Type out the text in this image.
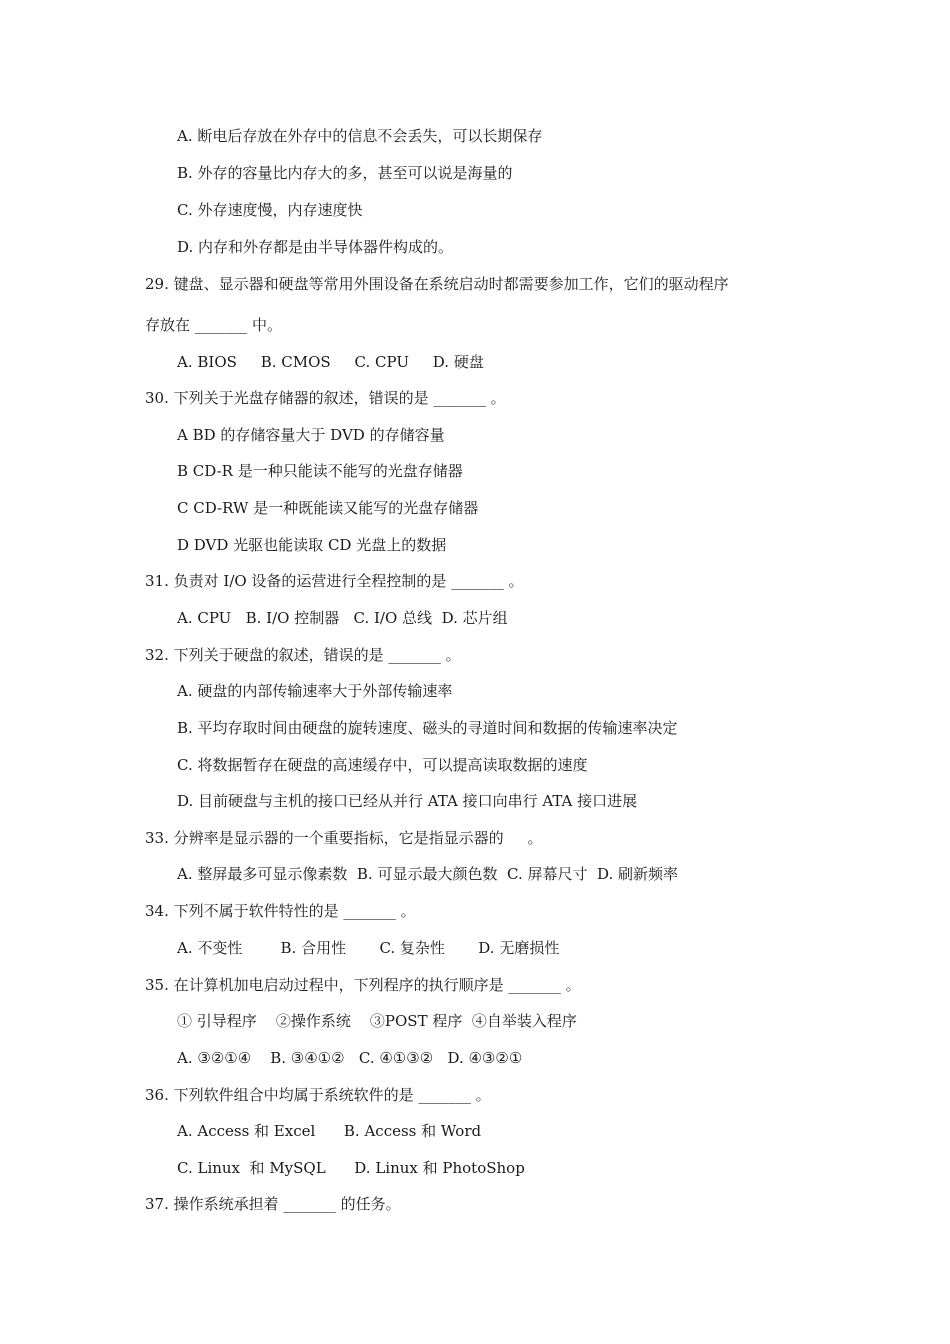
A. 断电后存放在外存中的信息不会丢失，可以长期保存
B. 外存的容量比内存大的多，甚至可以说是海量的
C. 外存速度慢，内存速度快
D. 内存和外存都是由半导体器件构成的。
29. 键盘、显示器和硬盘等常用外围设备在系统启动时都需要参加工作，它们的驱动程序
存放在 _______ 中。
A. BIOS     B. CMOS     C. CPU     D. 硬盘
30. 下列关于光盘存储器的叙述，错误的是 _______ 。
A BD 的存储容量大于 DVD 的存储容量
B CD-R 是一种只能读不能写的光盘存储器
C CD-RW 是一种既能读又能写的光盘存储器
D DVD 光驱也能读取 CD 光盘上的数据
31. 负责对 I/O 设备的运营进行全程控制的是 _______ 。
A. CPU   B. I/O 控制器   C. I/O 总线  D. 芯片组
32. 下列关于硬盘的叙述，错误的是 _______ 。
A. 硬盘的内部传输速率大于外部传输速率
B. 平均存取时间由硬盘的旋转速度、磁头的寻道时间和数据的传输速率决定
C. 将数据暂存在硬盘的高速缓存中，可以提高读取数据的速度
D. 目前硬盘与主机的接口已经从并行 ATA 接口向串行 ATA 接口进展
33. 分辨率是显示器的一个重要指标，它是指显示器的     。
A. 整屏最多可显示像素数  B. 可显示最大颜色数  C. 屏幕尺寸  D. 刷新频率
34. 下列不属于软件特性的是 _______ 。
A. 不变性        B. 合用性       C. 复杂性       D. 无磨损性
35. 在计算机加电启动过程中，下列程序的执行顺序是 _______ 。
① 引导程序    ②操作系统    ③POST 程序  ④自举装入程序
A. ③②①④    B. ③④①②   C. ④①③②   D. ④③②①
36. 下列软件组合中均属于系统软件的是 _______ 。
A. Access 和 Excel      B. Access 和 Word
C. Linux  和 MySQL      D. Linux 和 PhotoShop
37. 操作系统承担着 _______ 的任务。
